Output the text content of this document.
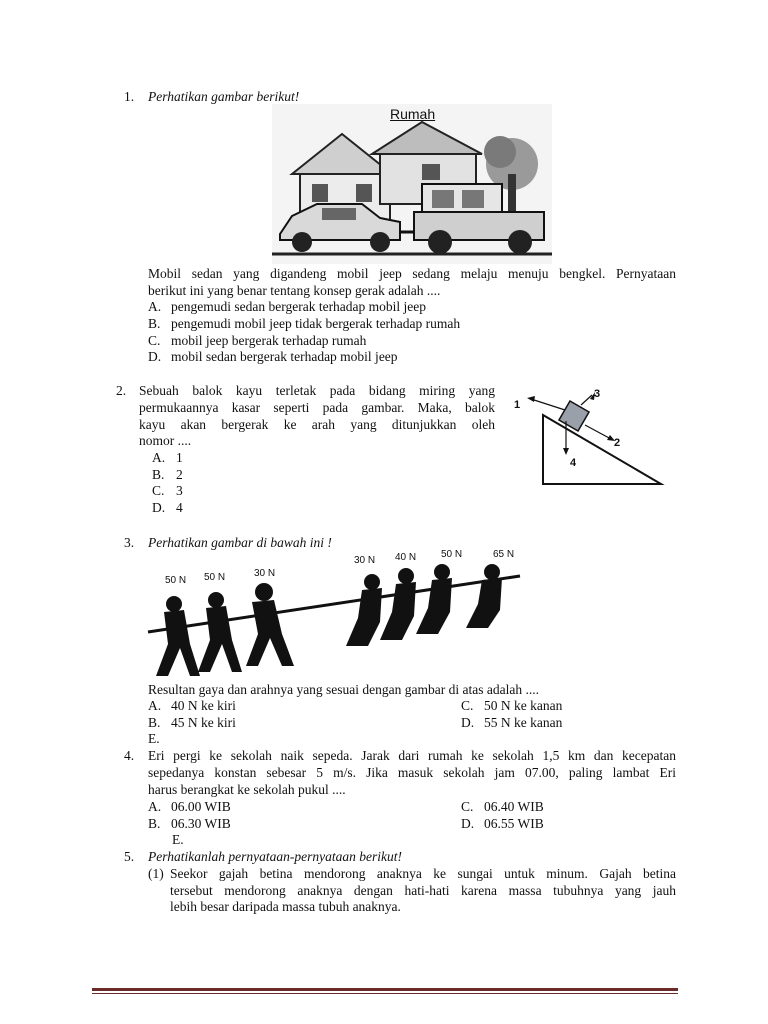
1. Perhatikan gambar berikut!
Rumah
Mobil sedan yang digandeng mobil jeep sedang melaju menuju bengkel. Pernyataan
berikut ini yang benar tentang konsep gerak adalah ....
A. pengemudi sedan bergerak terhadap mobil jeep
B. pengemudi mobil jeep tidak bergerak terhadap rumah
C. mobil jeep bergerak terhadap rumah
D. mobil sedan bergerak terhadap mobil jeep
2. Sebuah balok kayu terletak pada bidang miring yang
permukaannya kasar seperti pada gambar. Maka, balok
kayu akan bergerak ke arah yang ditunjukkan oleh
nomor ....
A. 1
B. 2
C. 3
D. 4
1
2
3
4
3. Perhatikan gambar di bawah ini !
50 N 50 N	30 N
30 N 40 N 50 N	65 N
Resultan gaya dan arahnya yang sesuai dengan gambar di atas adalah ....
A. 40 N ke kiri
B. 45 N ke kiri
C. 50 N ke kanan
D. 55 N ke kanan
E.
4. Eri pergi ke sekolah naik sepeda. Jarak dari rumah ke sekolah 1,5 km dan kecepatan
sepedanya konstan sebesar 5 m/s. Jika masuk sekolah jam 07.00, paling lambat Eri
harus berangkat ke sekolah pukul ....
A. 06.00 WIB
B. 06.30 WIB
C. 06.40 WIB
D. 06.55 WIB
E.
5. Perhatikanlah pernyataan-pernyataan berikut!
(1) Seekor gajah betina mendorong anaknya ke sungai untuk minum. Gajah betina
tersebut mendorong anaknya dengan hati-hati karena massa tubuhnya yang jauh
lebih besar daripada massa tubuh anaknya.
